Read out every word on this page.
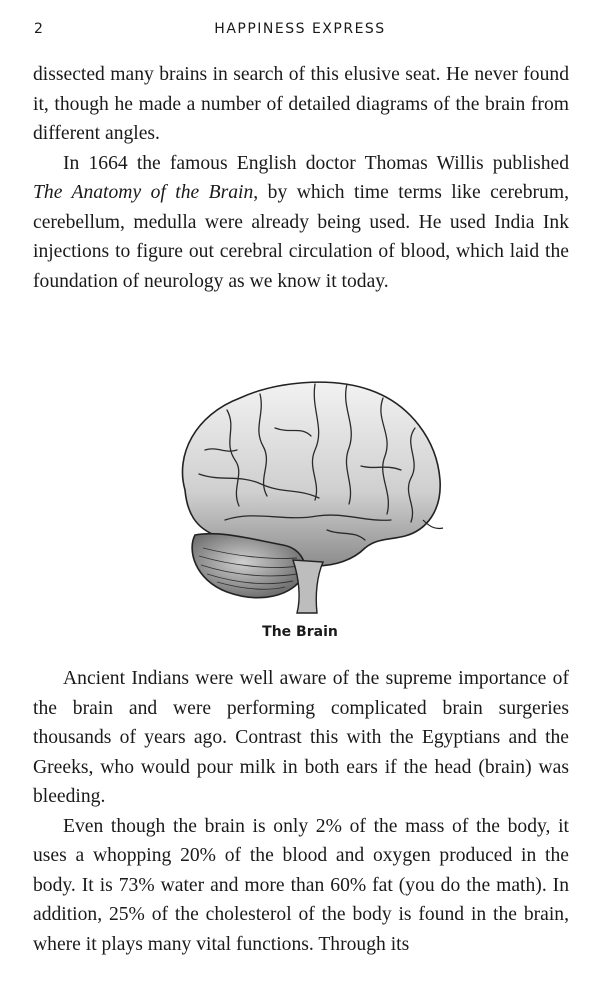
2	HAPPINESS EXPRESS

dissected many brains in search of this elusive seat. He never found it, though he made a number of detailed diagrams of the brain from different angles.

In 1664 the famous English doctor Thomas Willis published The Anatomy of the Brain, by which time terms like cerebrum, cerebellum, medulla were already being used. He used India Ink injections to figure out cerebral circulation of blood, which laid the foundation of neurology as we know it today.

The Brain

Ancient Indians were well aware of the supreme importance of the brain and were performing complicated brain surgeries thousands of years ago. Contrast this with the Egyptians and the Greeks, who would pour milk in both ears if the head (brain) was bleeding.

Even though the brain is only 2% of the mass of the body, it uses a whopping 20% of the blood and oxygen produced in the body. It is 73% water and more than 60% fat (you do the math). In addition, 25% of the cholesterol of the body is found in the brain, where it plays many vital functions. Through its
